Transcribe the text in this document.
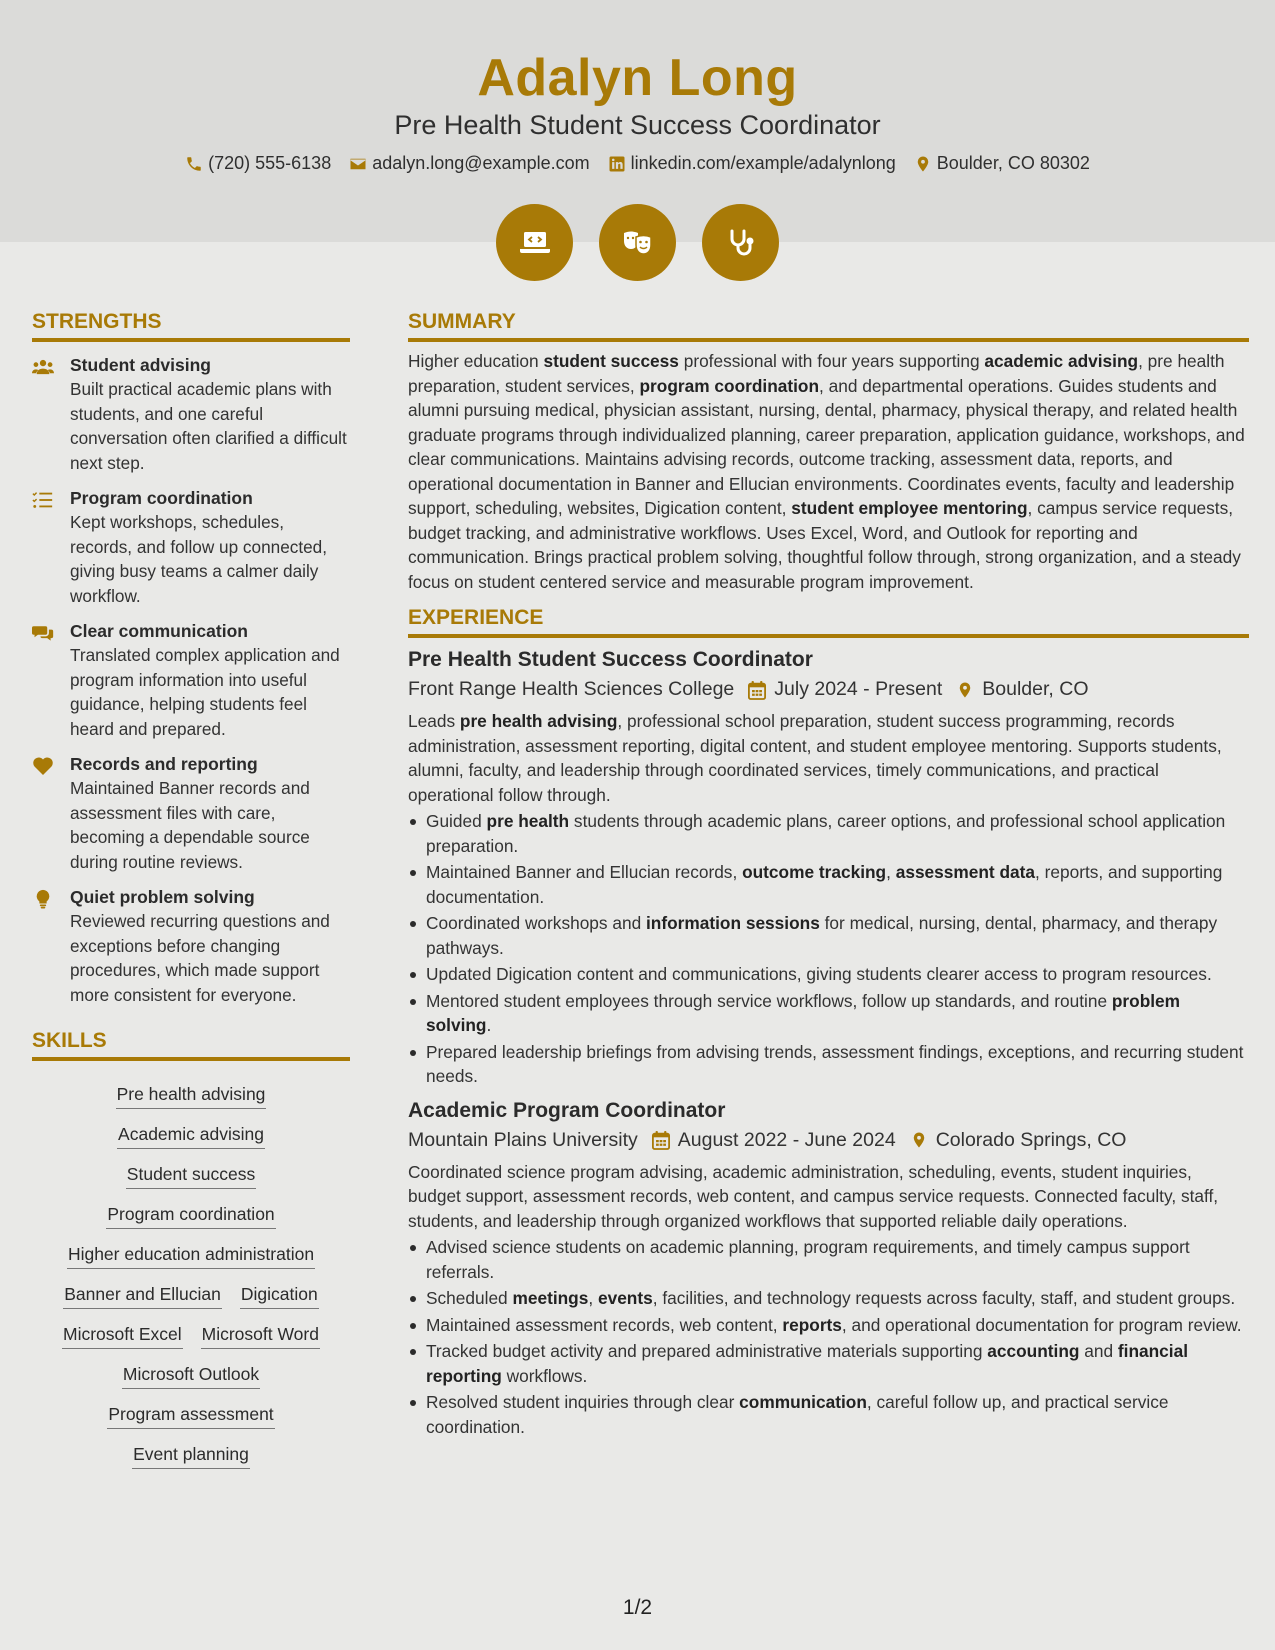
Adalyn Long
Pre Health Student Success Coordinator
(720) 555-6138 adalyn.long@example.com linkedin.com/example/adalynlong Boulder, CO 80302
STRENGTHS
Student advising
Built practical academic plans with students, and one careful conversation often clarified a difficult next step.
Program coordination
Kept workshops, schedules, records, and follow up connected, giving busy teams a calmer daily workflow.
Clear communication
Translated complex application and program information into useful guidance, helping students feel heard and prepared.
Records and reporting
Maintained Banner records and assessment files with care, becoming a dependable source during routine reviews.
Quiet problem solving
Reviewed recurring questions and exceptions before changing procedures, which made support more consistent for everyone.
SKILLS
Pre health advising
Academic advising
Student success
Program coordination
Higher education administration
Banner and Ellucian Digication
Microsoft Excel Microsoft Word
Microsoft Outlook
Program assessment
Event planning
SUMMARY
Higher education student success professional with four years supporting academic advising, pre health preparation, student services, program coordination, and departmental operations. Guides students and alumni pursuing medical, physician assistant, nursing, dental, pharmacy, physical therapy, and related health graduate programs through individualized planning, career preparation, application guidance, workshops, and clear communications. Maintains advising records, outcome tracking, assessment data, reports, and operational documentation in Banner and Ellucian environments. Coordinates events, faculty and leadership support, scheduling, websites, Digication content, student employee mentoring, campus service requests, budget tracking, and administrative workflows. Uses Excel, Word, and Outlook for reporting and communication. Brings practical problem solving, thoughtful follow through, strong organization, and a steady focus on student centered service and measurable program improvement.
EXPERIENCE
Pre Health Student Success Coordinator
Front Range Health Sciences College July 2024 - Present Boulder, CO
Leads pre health advising, professional school preparation, student success programming, records administration, assessment reporting, digital content, and student employee mentoring. Supports students, alumni, faculty, and leadership through coordinated services, timely communications, and practical operational follow through.
Guided pre health students through academic plans, career options, and professional school application preparation.
Maintained Banner and Ellucian records, outcome tracking, assessment data, reports, and supporting documentation.
Coordinated workshops and information sessions for medical, nursing, dental, pharmacy, and therapy pathways.
Updated Digication content and communications, giving students clearer access to program resources.
Mentored student employees through service workflows, follow up standards, and routine problem solving.
Prepared leadership briefings from advising trends, assessment findings, exceptions, and recurring student needs.
Academic Program Coordinator
Mountain Plains University August 2022 - June 2024 Colorado Springs, CO
Coordinated science program advising, academic administration, scheduling, events, student inquiries, budget support, assessment records, web content, and campus service requests. Connected faculty, staff, students, and leadership through organized workflows that supported reliable daily operations.
Advised science students on academic planning, program requirements, and timely campus support referrals.
Scheduled meetings, events, facilities, and technology requests across faculty, staff, and student groups.
Maintained assessment records, web content, reports, and operational documentation for program review.
Tracked budget activity and prepared administrative materials supporting accounting and financial reporting workflows.
Resolved student inquiries through clear communication, careful follow up, and practical service coordination.
1/2
